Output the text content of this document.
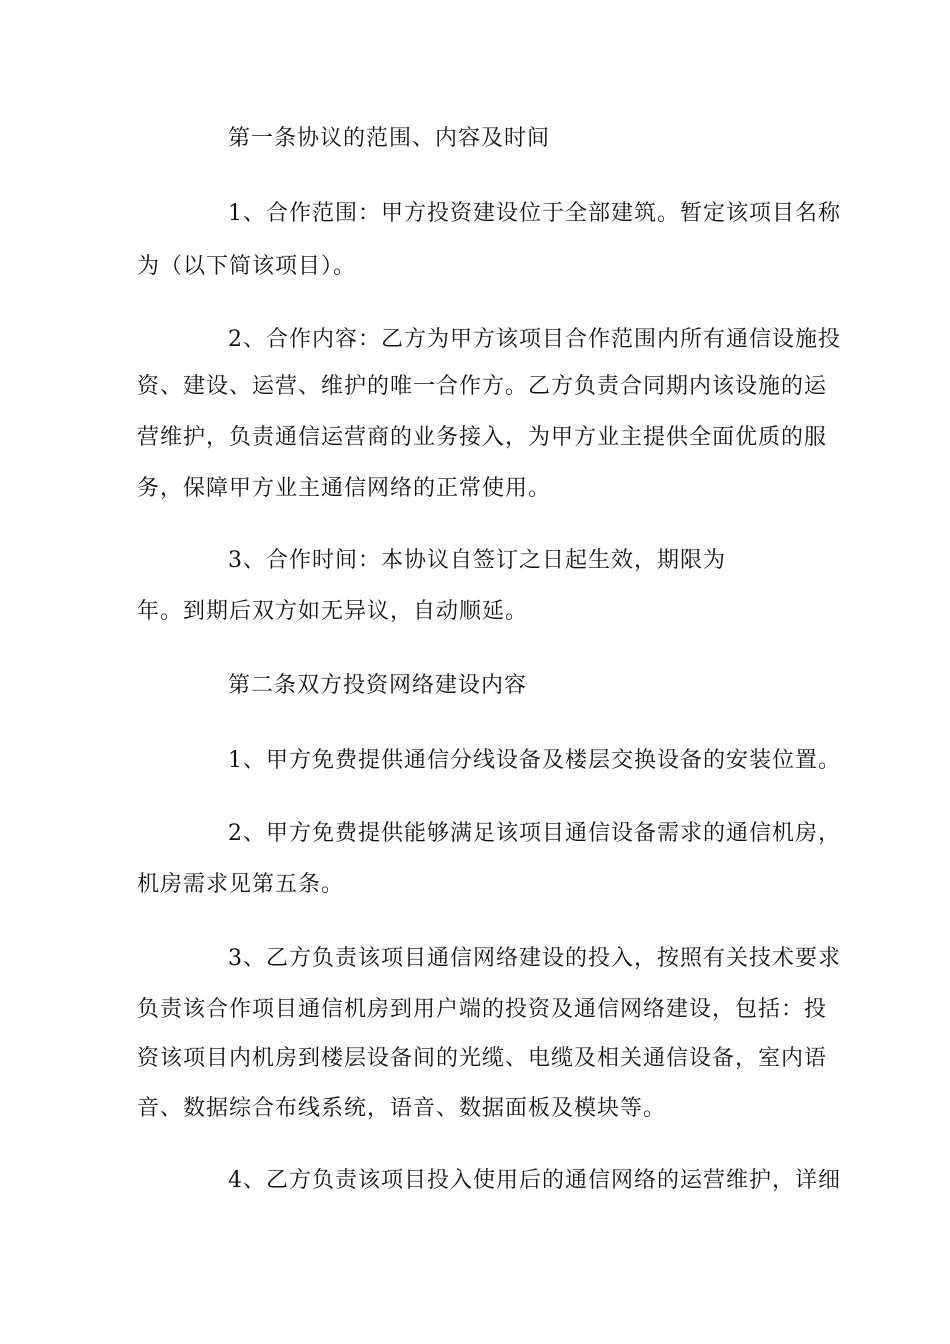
第一条协议的范围、内容及时间
1、合作范围：甲方投资建设位于全部建筑。暂定该项目名称
为（以下简该项目）。
2、合作内容：乙方为甲方该项目合作范围内所有通信设施投
资、建设、运营、维护的唯一合作方。乙方负责合同期内该设施的运
营维护，负责通信运营商的业务接入，为甲方业主提供全面优质的服
务，保障甲方业主通信网络的正常使用。
3、合作时间：本协议自签订之日起生效，期限为
年。到期后双方如无异议，自动顺延。
第二条双方投资网络建设内容
1、甲方免费提供通信分线设备及楼层交换设备的安装位置。
2、甲方免费提供能够满足该项目通信设备需求的通信机房，
机房需求见第五条。
3、乙方负责该项目通信网络建设的投入，按照有关技术要求
负责该合作项目通信机房到用户端的投资及通信网络建设，包括：投
资该项目内机房到楼层设备间的光缆、电缆及相关通信设备，室内语
音、数据综合布线系统，语音、数据面板及模块等。
4、乙方负责该项目投入使用后的通信网络的运营维护，详细
